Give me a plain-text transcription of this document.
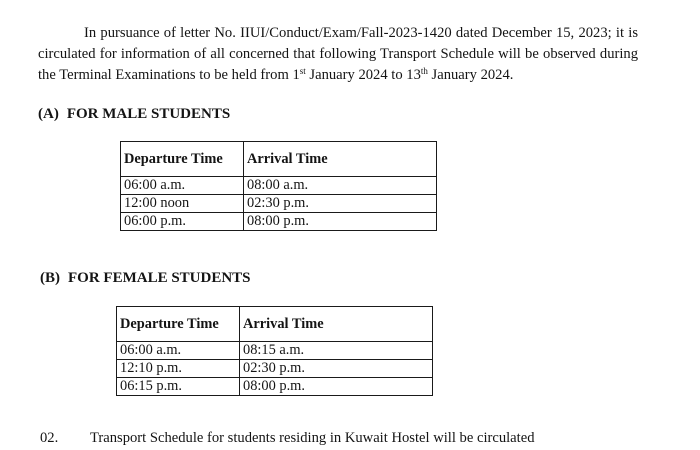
In pursuance of letter No. IIUI/Conduct/Exam/Fall-2023-1420 dated December 15, 2023; it is circulated for information of all concerned that following Transport Schedule will be observed during the Terminal Examinations to be held from 1st January 2024 to 13th January 2024.

(A) FOR MALE STUDENTS
Departure Time	Arrival Time
06:00 a.m.	08:00 a.m.
12:00 noon	02:30 p.m.
06:00 p.m.	08:00 p.m.
(B) FOR FEMALE STUDENTS
Departure Time	Arrival Time
06:00 a.m.	08:15 a.m.
12:10 p.m.	02:30 p.m.
06:15 p.m.	08:00 p.m.
02. Transport Schedule for students residing in Kuwait Hostel will be circulated
